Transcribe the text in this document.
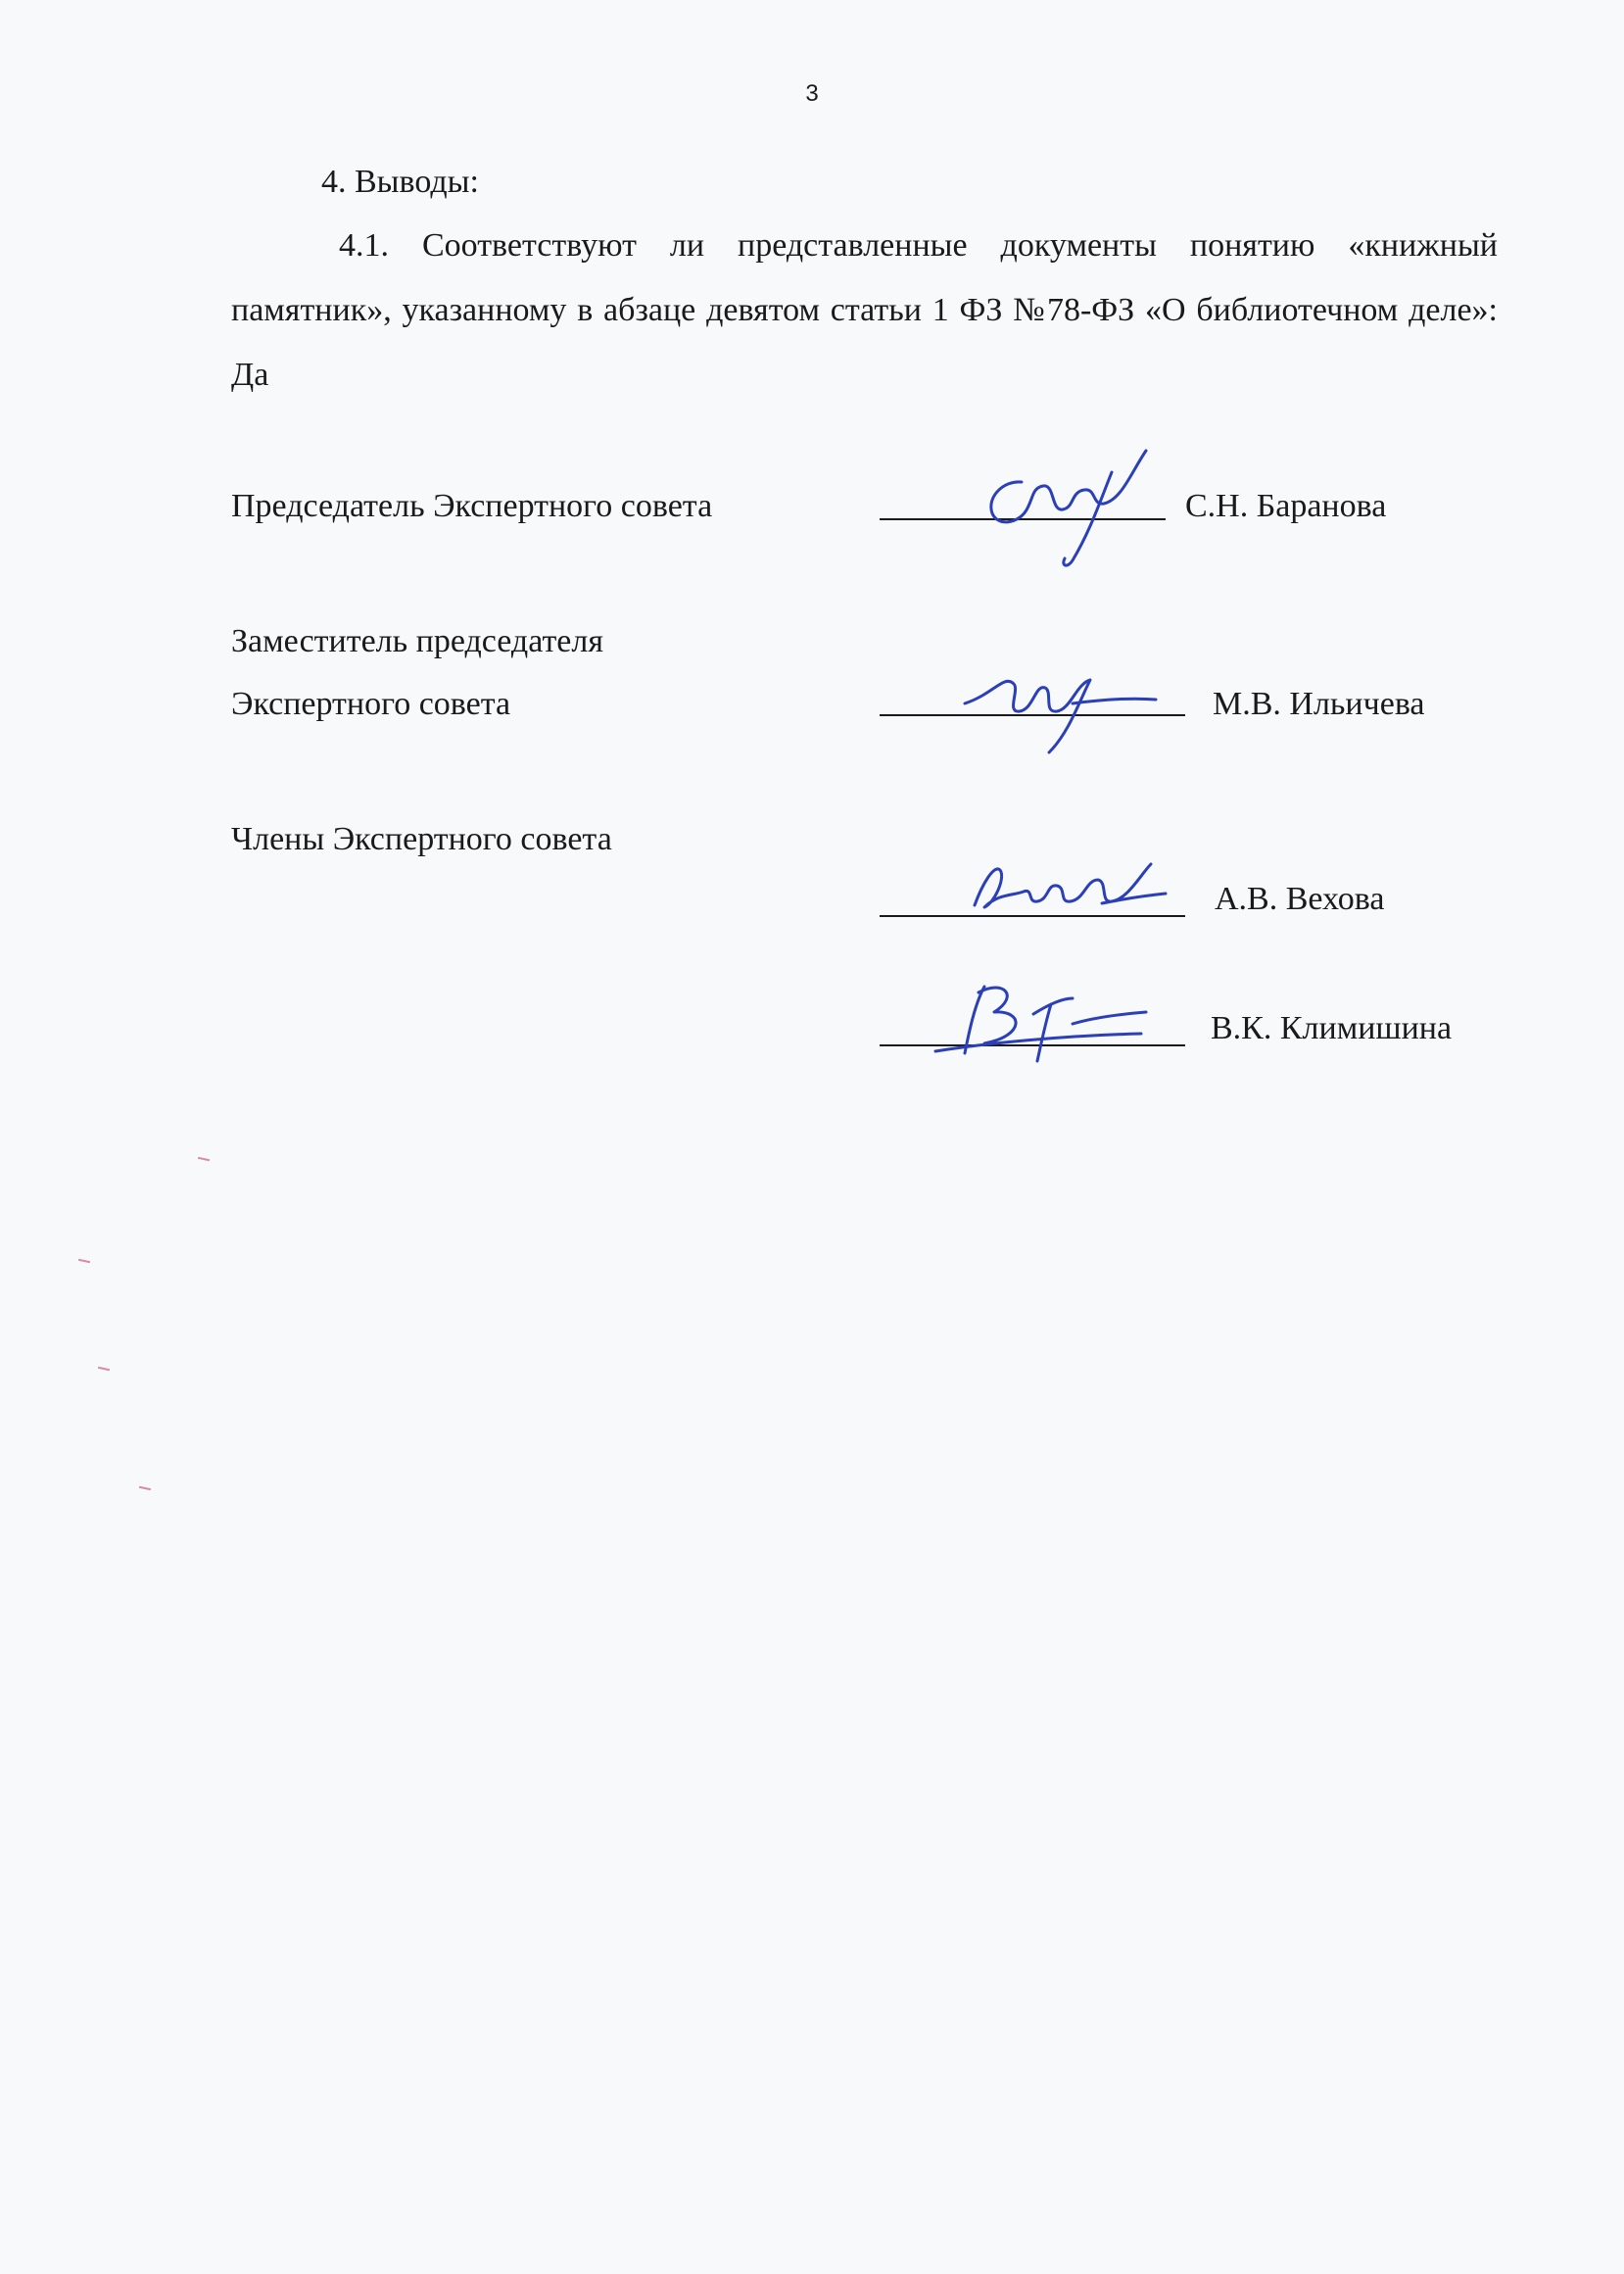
3
4. Выводы:
4.1. Соответствуют ли представленные документы понятию «книжный памятник», указанному в абзаце девятом статьи 1 ФЗ №78-ФЗ «О библиотечном деле»: Да
Председатель Экспертного совета	С.Н. Баранова
Заместитель председателя
Экспертного совета	М.В. Ильичева
Члены Экспертного совета
А.В. Вехова
В.К. Климишина
